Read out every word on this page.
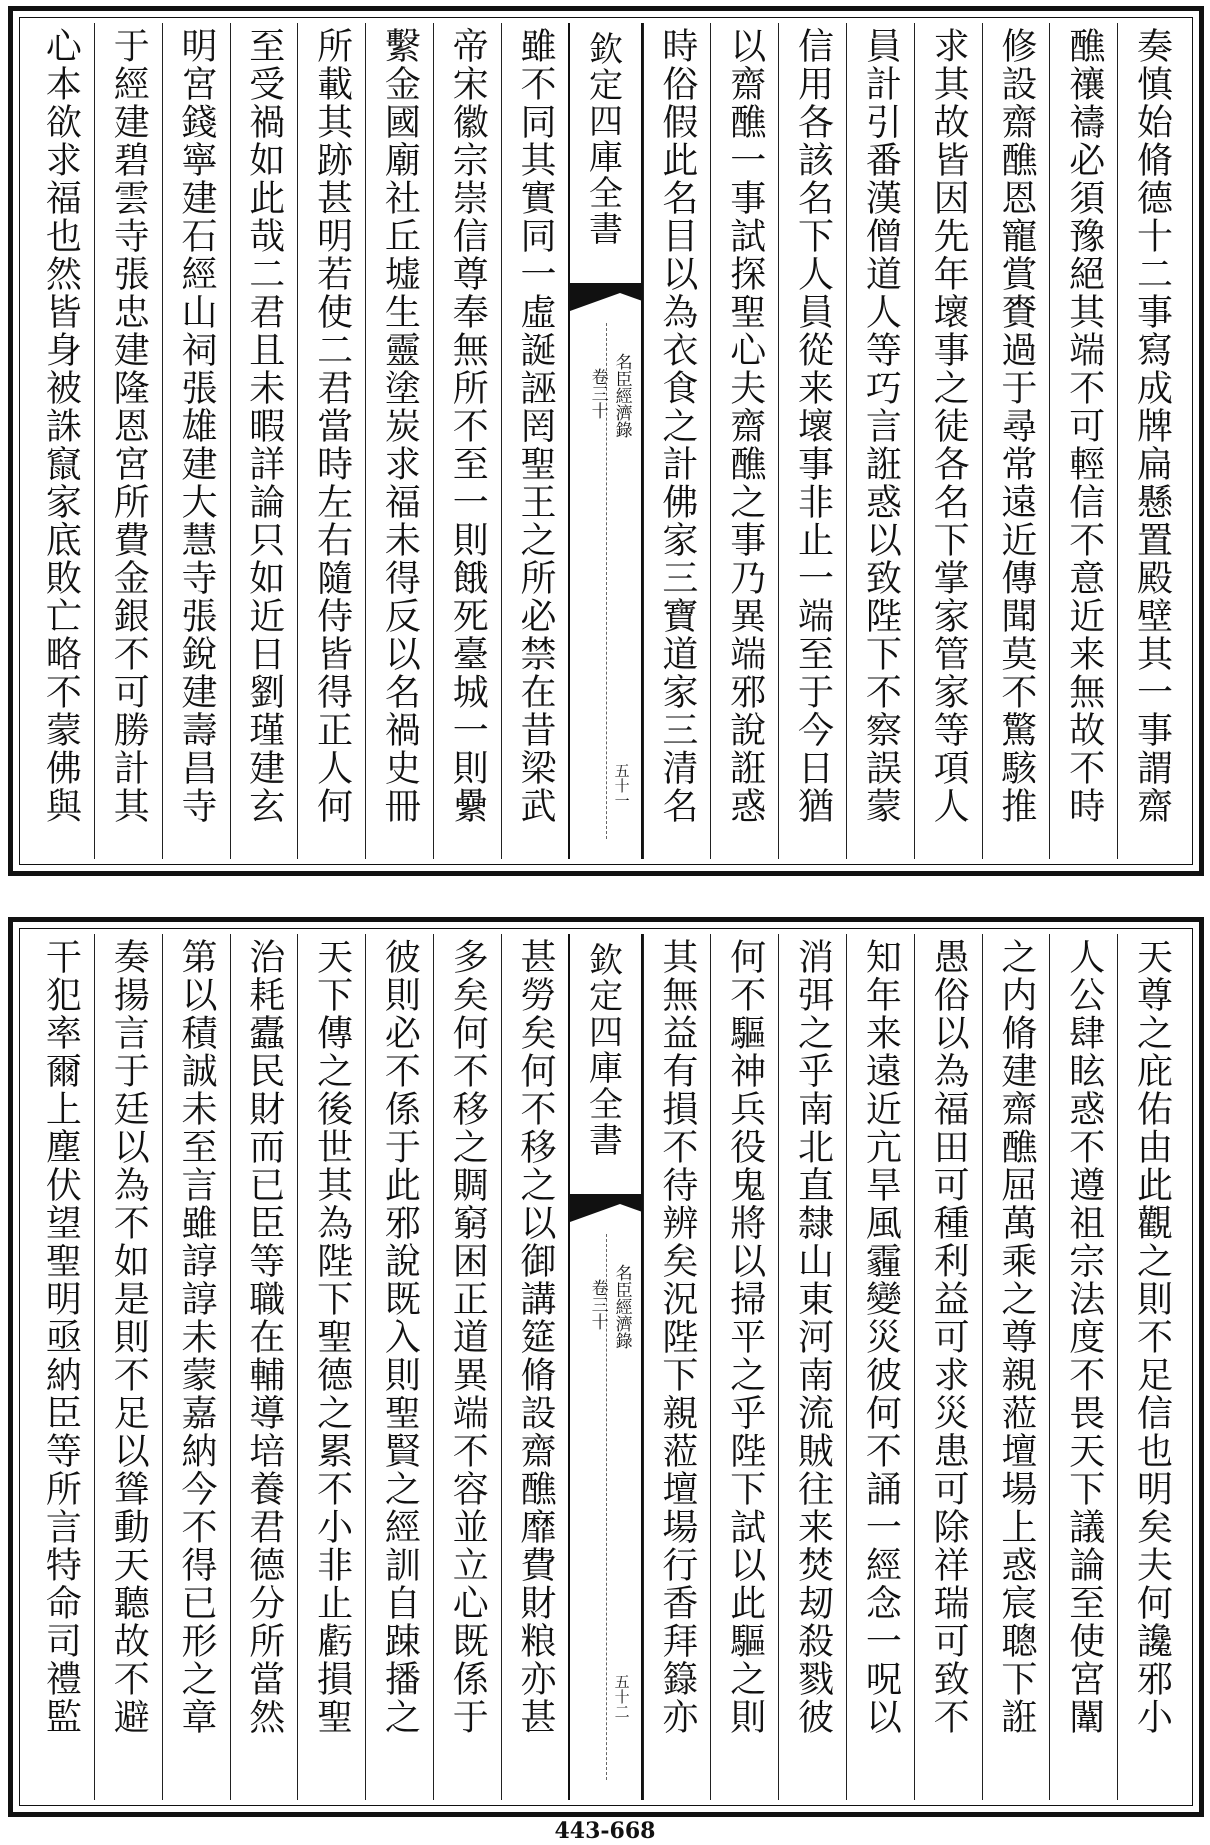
奏慎始脩德十二事寫成牌扁懸置殿壁其一事謂齋
醮禳禱必須豫絕其端不可輕信不意近来無故不時
修設齋醮恩寵賞賚過于尋常遠近傳聞莫不驚駭推
求其故皆因先年壞事之徒各名下掌家管家等項人
員計引番漢僧道人等巧言誑惑以致陛下不察誤蒙
信用各該名下人員從来壞事非止一端至于今日猶
以齋醮一事試探聖心夫齋醮之事乃異端邪說誑惑
時俗假此名目以為衣食之計佛家三寶道家三清名
欽定四庫全書
名臣經濟錄
卷三十
五十一
雖不同其實同一虛誕誣罔聖王之所必禁在昔梁武
帝宋徽宗崇信尊奉無所不至一則餓死臺城一則纍
繫金國廟社丘墟生靈塗炭求福未得反以名禍史冊
所載其跡甚明若使二君當時左右隨侍皆得正人何
至受禍如此哉二君且未暇詳論只如近日劉瑾建玄
明宮錢寧建石經山祠張雄建大慧寺張銳建壽昌寺
于經建碧雲寺張忠建隆恩宮所費金銀不可勝計其
心本欲求福也然皆身被誅竄家底敗亡略不蒙佛與
天尊之庇佑由此觀之則不足信也明矣夫何讒邪小
人公肆眩惑不遵祖宗法度不畏天下議論至使宮闈
之内脩建齋醮屈萬乘之尊親蒞壇場上惑宸聰下誑
愚俗以為福田可種利益可求災患可除祥瑞可致不
知年来遠近亢旱風霾變災彼何不誦一經念一呪以
消弭之乎南北直隸山東河南流賊往来焚刼殺戮彼
何不驅神兵役鬼將以掃平之乎陛下試以此驅之則
其無益有損不待辨矣況陛下親蒞壇場行香拜籙亦
欽定四庫全書
名臣經濟錄
卷三十
五十二
甚勞矣何不移之以御講筵脩設齋醮靡費財粮亦甚
多矣何不移之賙窮困正道異端不容並立心既係于
彼則必不係于此邪說既入則聖賢之經訓自踈播之
天下傳之後世其為陛下聖德之累不小非止虧損聖
治耗蠹民財而已臣等職在輔導培養君德分所當然
第以積誠未至言雖諄諄未蒙嘉納今不得已形之章
奏揚言于廷以為不如是則不足以聳動天聽故不避
干犯率爾上塵伏望聖明亟納臣等所言特命司禮監
443-668
